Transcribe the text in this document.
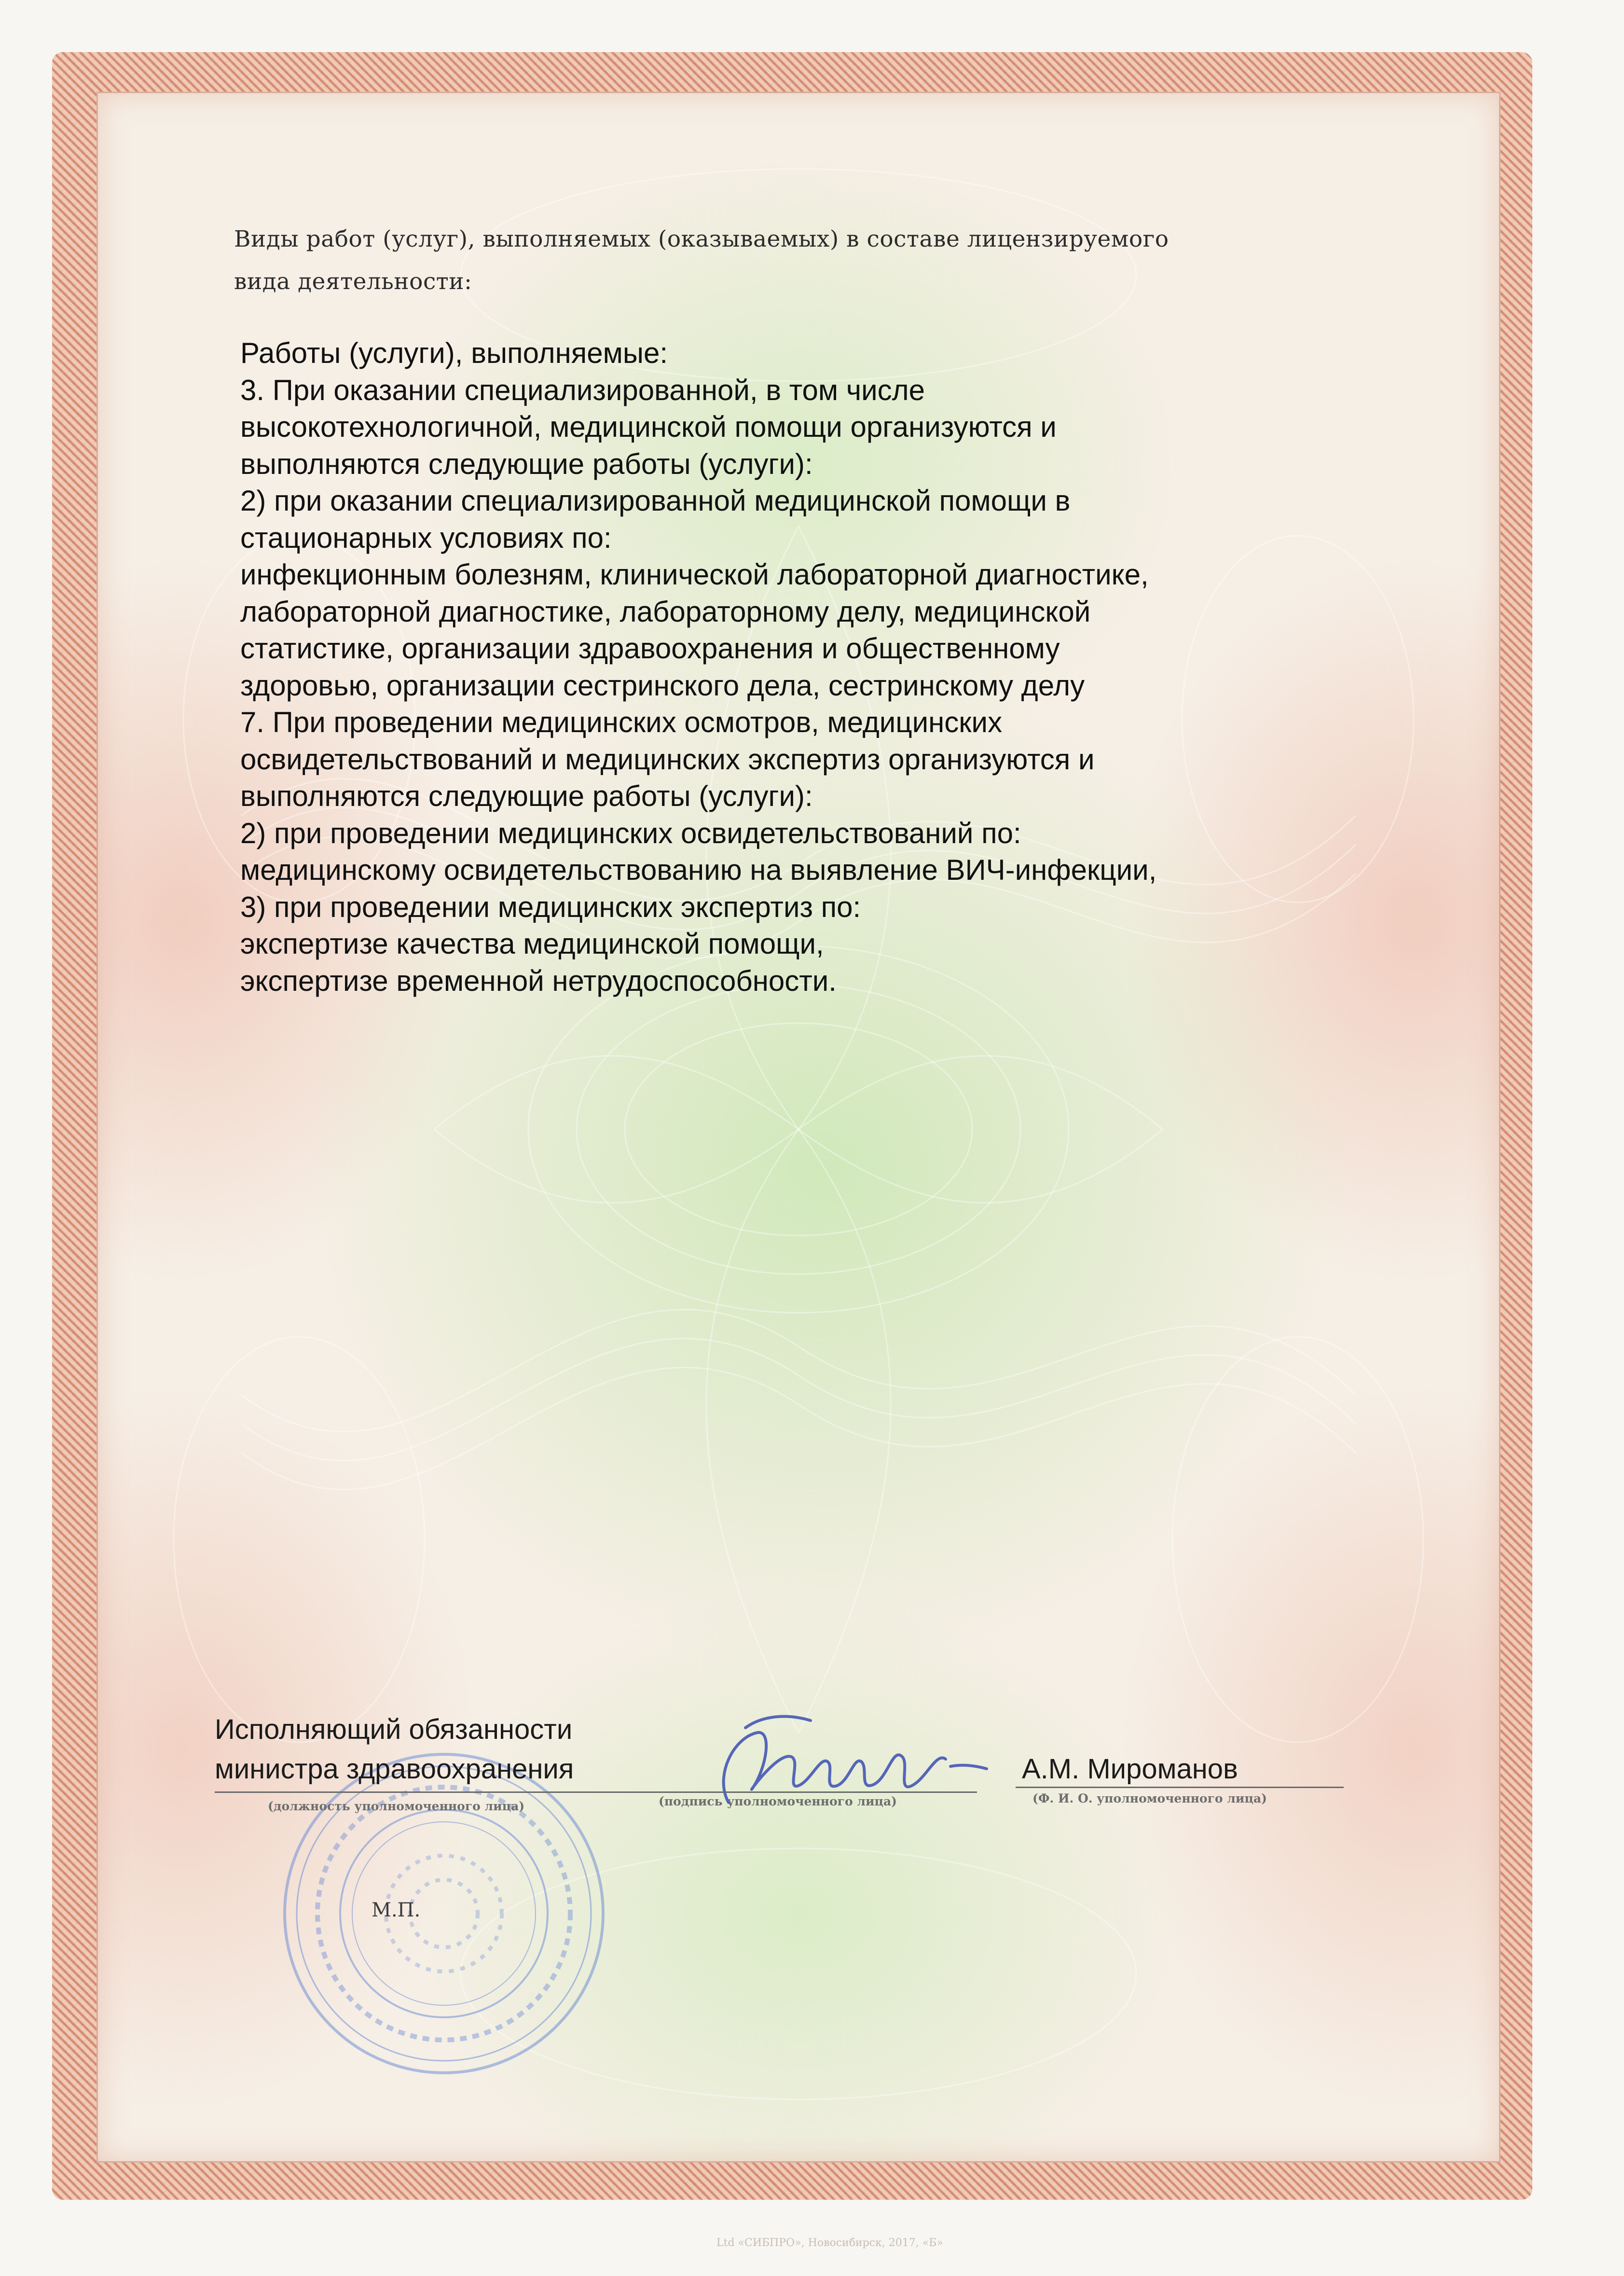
Виды работ (услуг), выполняемых (оказываемых) в составе лицензируемого
вида деятельности:

Работы (услуги), выполняемые:
3. При оказании специализированной, в том числе
высокотехнологичной, медицинской помощи организуются и
выполняются следующие работы (услуги):
2) при оказании специализированной медицинской помощи в
стационарных условиях по:
инфекционным болезням, клинической лабораторной диагностике,
лабораторной диагностике, лабораторному делу, медицинской
статистике, организации здравоохранения и общественному
здоровью, организации сестринского дела, сестринскому делу
7. При проведении медицинских осмотров, медицинских
освидетельствований и медицинских экспертиз организуются и
выполняются следующие работы (услуги):
2) при проведении медицинских освидетельствований по:
медицинскому освидетельствованию на выявление ВИЧ-инфекции,
3) при проведении медицинских экспертиз по:
экспертизе качества медицинской помощи,
экспертизе временной нетрудоспособности.
Исполняющий обязанности
министра здравоохранения	А.М. Мироманов
(должность уполномоченного лица)	(подпись уполномоченного лица)	(Ф. И. О. уполномоченного лица)
М.П.
Ltd «СИБПРО», Новосибирск, 2017, «Б»
